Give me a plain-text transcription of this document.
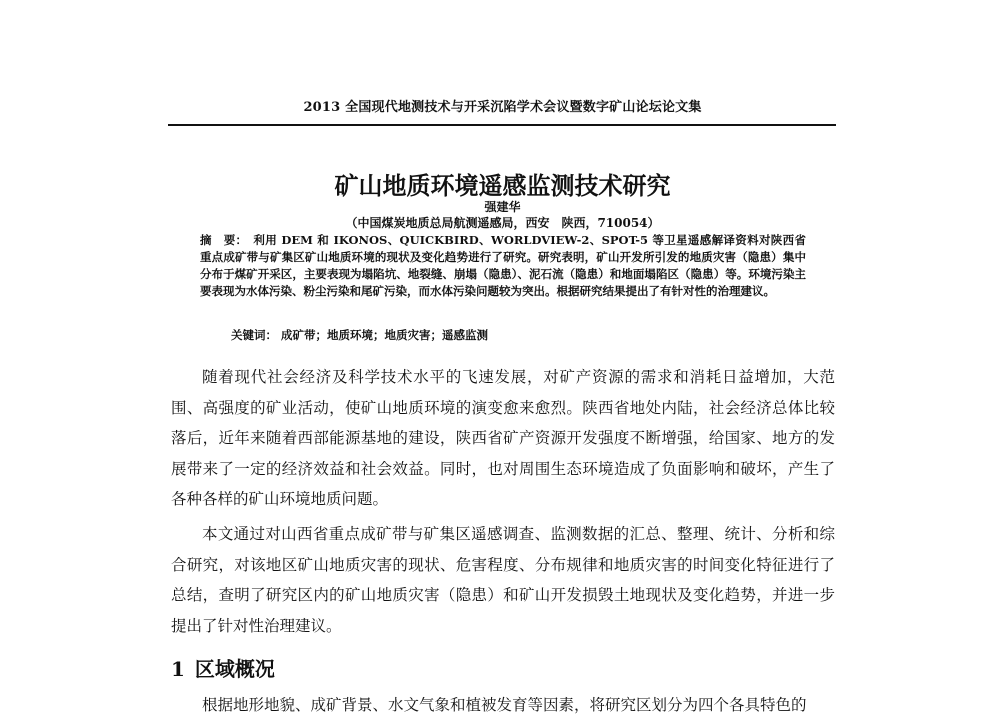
2013 全国现代地测技术与开采沉陷学术会议暨数字矿山论坛论文集
矿山地质环境遥感监测技术研究
强建华
（中国煤炭地质总局航测遥感局，西安　陕西，710054）
摘　要： 利用 DEM 和 IKONOS、QUICKBIRD、WORLDVIEW-2、SPOT-5 等卫星遥感解译资料对陕西省重点成矿带与矿集区矿山地质环境的现状及变化趋势进行了研究。研究表明，矿山开发所引发的地质灾害（隐患）集中分布于煤矿开采区，主要表现为塌陷坑、地裂缝、崩塌（隐患）、泥石流（隐患）和地面塌陷区（隐患）等。环境污染主要表现为水体污染、粉尘污染和尾矿污染，而水体污染问题较为突出。根据研究结果提出了有针对性的治理建议。
关键词： 成矿带；地质环境；地质灾害；遥感监测

随着现代社会经济及科学技术水平的飞速发展，对矿产资源的需求和消耗日益增加，大范围、高强度的矿业活动，使矿山地质环境的演变愈来愈烈。陕西省地处内陆，社会经济总体比较落后，近年来随着西部能源基地的建设，陕西省矿产资源开发强度不断增强，给国家、地方的发展带来了一定的经济效益和社会效益。同时，也对周围生态环境造成了负面影响和破坏，产生了各种各样的矿山环境地质问题。

本文通过对山西省重点成矿带与矿集区遥感调查、监测数据的汇总、整理、统计、分析和综合研究，对该地区矿山地质灾害的现状、危害程度、分布规律和地质灾害的时间变化特征进行了总结，查明了研究区内的矿山地质灾害（隐患）和矿山开发损毁土地现状及变化趋势，并进一步提出了针对性治理建议。

1 区域概况

根据地形地貌、成矿背景、水文气象和植被发育等因素，将研究区划分为四个各具特色的
